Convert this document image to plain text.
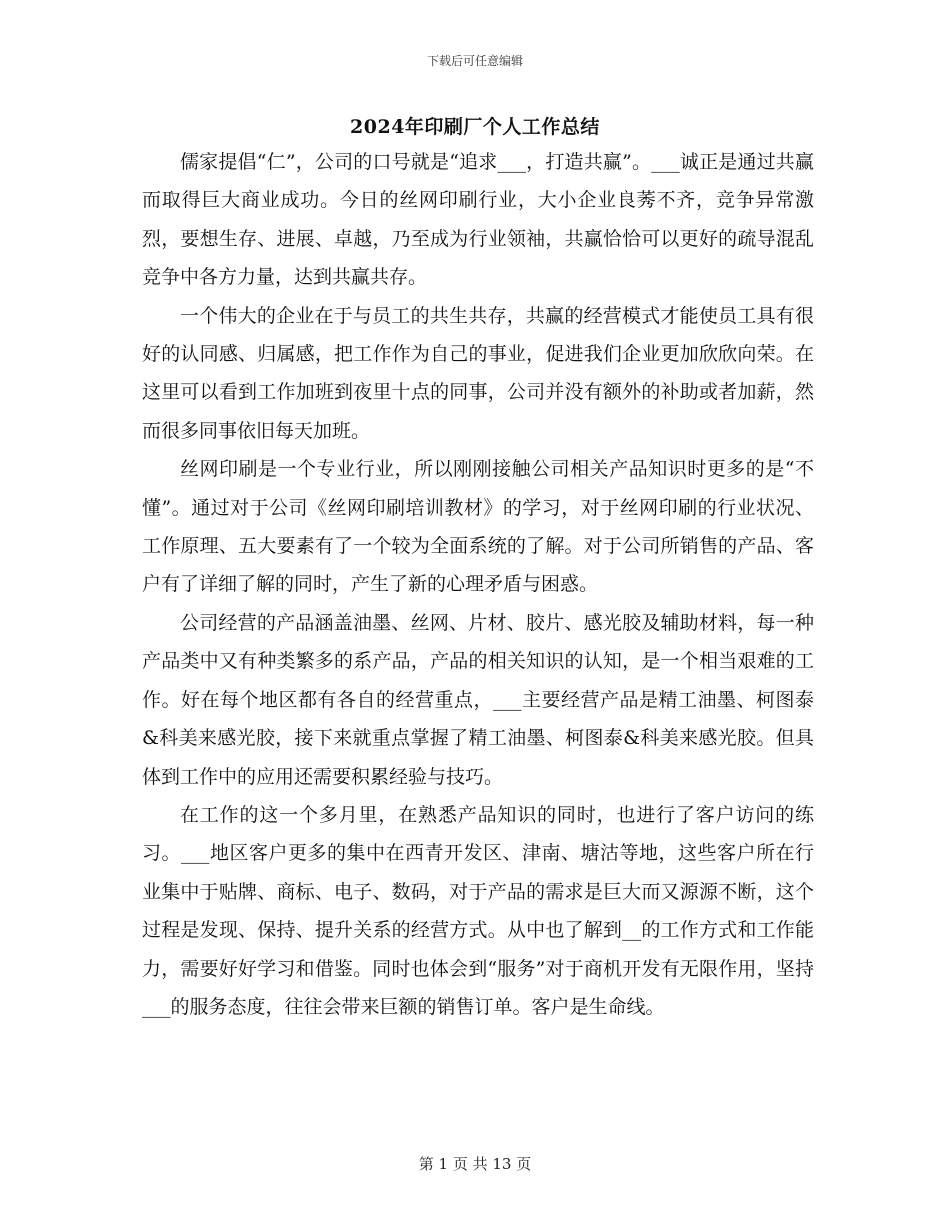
下载后可任意编辑
2024年印刷厂个人工作总结

儒家提倡“仁”，公司的口号就是“追求___，打造共赢”。___诚正是通过共赢而取得巨大商业成功。今日的丝网印刷行业，大小企业良莠不齐，竞争异常激烈，要想生存、进展、卓越，乃至成为行业领袖，共赢恰恰可以更好的疏导混乱竞争中各方力量，达到共赢共存。

一个伟大的企业在于与员工的共生共存，共赢的经营模式才能使员工具有很好的认同感、归属感，把工作作为自己的事业，促进我们企业更加欣欣向荣。在这里可以看到工作加班到夜里十点的同事，公司并没有额外的补助或者加薪，然而很多同事依旧每天加班。

丝网印刷是一个专业行业，所以刚刚接触公司相关产品知识时更多的是“不懂”。通过对于公司《丝网印刷培训教材》的学习，对于丝网印刷的行业状况、工作原理、五大要素有了一个较为全面系统的了解。对于公司所销售的产品、客户有了详细了解的同时，产生了新的心理矛盾与困惑。

公司经营的产品涵盖油墨、丝网、片材、胶片、感光胶及辅助材料，每一种产品类中又有种类繁多的系产品，产品的相关知识的认知，是一个相当艰难的工作。好在每个地区都有各自的经营重点，___主要经营产品是精工油墨、柯图泰&科美来感光胶，接下来就重点掌握了精工油墨、柯图泰&科美来感光胶。但具体到工作中的应用还需要积累经验与技巧。

在工作的这一个多月里，在熟悉产品知识的同时，也进行了客户访问的练习。___地区客户更多的集中在西青开发区、津南、塘沽等地，这些客户所在行业集中于贴牌、商标、电子、数码，对于产品的需求是巨大而又源源不断，这个过程是发现、保持、提升关系的经营方式。从中也了解到__的工作方式和工作能力，需要好好学习和借鉴。同时也体会到“服务”对于商机开发有无限作用，坚持___的服务态度，往往会带来巨额的销售订单。客户是生命线。

第 1 页 共 13 页
